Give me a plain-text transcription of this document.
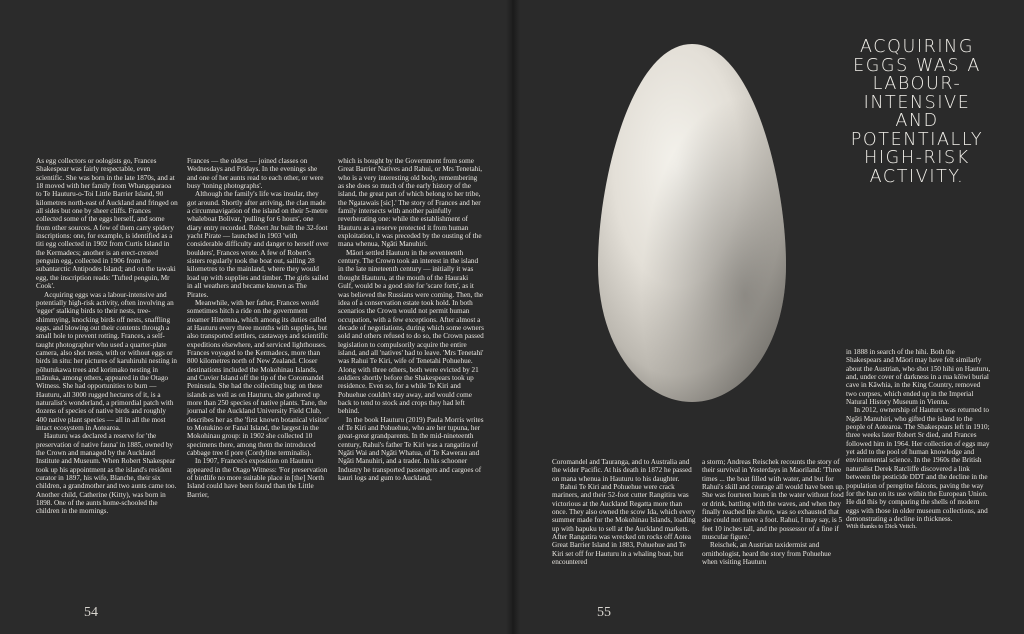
As egg collectors or oologists go, Frances Shakespear was fairly respectable, even scientific. She was born in the late 1870s, and at 18 moved with her family from Whangaparaoa to Te Hauturu-o-Toi Little Barrier Island, 90 kilometres north-east of Auckland and fringed on all sides but one by sheer cliffs. Frances collected some of the eggs herself, and some from other sources. A few of them carry spidery inscriptions: one, for example, is identified as a titi egg collected in 1902 from Curtis Island in the Kermadecs; another is an erect-crested penguin egg, collected in 1906 from the subantarctic Antipodes Island; and on the tawaki egg, the inscription reads: 'Tufted penguin, Mr Cook'.

Acquiring eggs was a labour-intensive and potentially high-risk activity, often involving an 'egger' stalking birds to their nests, tree-shimmying, knocking birds off nests, snaffling eggs, and blowing out their contents through a small hole to prevent rotting. Frances, a self-taught photographer who used a quarter-plate camera, also shot nests, with or without eggs or birds in situ: her pictures of karuhiruhi nesting in pōhutukawa trees and korimako nesting in mānuka, among others, appeared in the Otago Witness. She had opportunities to burn — Hauturu, all 3000 rugged hectares of it, is a naturalist's wonderland, a primordial patch with dozens of species of native birds and roughly 400 native plant species — all in all the most intact ecosystem in Aotearoa.

Hauturu was declared a reserve for 'the preservation of native fauna' in 1885, owned by the Crown and managed by the Auckland Institute and Museum. When Robert Shakespear took up his appointment as the island's resident curator in 1897, his wife, Blanche, their six children, a grandmother and two aunts came too. Another child, Catherine (Kitty), was born in 1898. One of the aunts home-schooled the children in the mornings.

Frances — the oldest — joined classes on Wednesdays and Fridays. In the evenings she and one of her aunts read to each other, or were busy 'toning photographs'.

Although the family's life was insular, they got around. Shortly after arriving, the clan made a circumnavigation of the island on their 5-metre whaleboat Bolivar, 'pulling for 6 hours', one diary entry recorded. Robert Jnr built the 32-foot yacht Pirate — launched in 1903 'with considerable difficulty and danger to herself over boulders', Frances wrote. A few of Robert's sisters regularly took the boat out, sailing 28 kilometres to the mainland, where they would load up with supplies and timber. The girls sailed in all weathers and became known as The Pirates.

Meanwhile, with her father, Frances would sometimes hitch a ride on the government steamer Hinemoa, which among its duties called at Hauturu every three months with supplies, but also transported settlers, castaways and scientific expeditions elsewhere, and serviced lighthouses. Frances voyaged to the Kermadecs, more than 800 kilometres north of New Zealand. Closer destinations included the Mokohinau Islands, and Cuvier Island off the tip of the Coromandel Peninsula. She had the collecting bug: on these islands as well as on Hauturu, she gathered up more than 250 species of native plants. Tane, the journal of the Auckland University Field Club, describes her as the 'first known botanical visitor' to Motukino or Fanal Island, the largest in the Mokohinau group: in 1902 she collected 10 specimens there, among them the introduced cabbage tree tī pore (Cordyline terminalis).

In 1907, Frances's exposition on Hauturu appeared in the Otago Witness: 'For preservation of birdlife no more suitable place in [the] North Island could have been found than the Little Barrier,

which is bought by the Government from some Great Barrier Natives and Rahui, or Mrs Tenetahi, who is a very interesting old body, remembering as she does so much of the early history of the island, the great part of which belong to her tribe, the Ngatawais [sic].' The story of Frances and her family intersects with another painfully reverberating one: while the establishment of Hauturu as a reserve protected it from human exploitation, it was preceded by the ousting of the mana whenua, Ngāti Manuhiri.

Māori settled Hauturu in the seventeenth century. The Crown took an interest in the island in the late nineteenth century — initially it was thought Hauturu, at the mouth of the Hauraki Gulf, would be a good site for 'scare forts', as it was believed the Russians were coming. Then, the idea of a conservation estate took hold. In both scenarios the Crown would not permit human occupation, with a few exceptions. After almost a decade of negotiations, during which some owners sold and others refused to do so, the Crown passed legislation to compulsorily acquire the entire island, and all 'natives' had to leave. 'Mrs Tenetahi' was Rahui Te Kiri, wife of Tenetahi Pohuehue. Along with three others, both were evicted by 21 soldiers shortly before the Shakespears took up residence. Even so, for a while Te Kiri and Pohuehue couldn't stay away, and would come back to tend to stock and crops they had left behind.

In the book Hauturu (2019) Paula Morris writes of Te Kiri and Pohuehue, who are her tupuna, her great-great grandparents. In the mid-nineteenth century, Rahui's father Te Kiri was a rangatira of Ngāti Wai and Ngāti Whatua, of Te Kawerau and Ngāti Manuhiri, and a trader. In his schooner Industry he transported passengers and cargoes of kauri logs and gum to Auckland,

54

ACQUIRING EGGS WAS A LABOUR-INTENSIVE AND POTENTIALLY HIGH-RISK ACTIVITY.

Coromandel and Tauranga, and to Australia and the wider Pacific. At his death in 1872 he passed on mana whenua in Hauturu to his daughter.

Rahui Te Kiri and Pohuehue were crack mariners, and their 52-foot cutter Rangitira was victorious at the Auckland Regatta more than once. They also owned the scow Ida, which every summer made for the Mokohinau Islands, loading up with hapuku to sell at the Auckland markets. After Rangatira was wrecked on rocks off Aotea Great Barrier Island in 1883, Pohuehue and Te Kiri set off for Hauturu in a whaling boat, but encountered

a storm; Andreas Reischek recounts the story of their survival in Yesterdays in Maoriland: 'Three times ... the boat filled with water, and but for Rahui's skill and courage all would have been up. She was fourteen hours in the water without food or drink, battling with the waves, and when they finally reached the shore, was so exhausted that she could not move a foot. Rahui, I may say, is 5 feet 10 inches tall, and the possessor of a fine if muscular figure.'

Reischek, an Austrian taxidermist and ornithologist, heard the story from Pohuehue when visiting Hauturu

in 1888 in search of the hihi. Both the Shakespears and Māori may have felt similarly about the Austrian, who shot 150 hihi on Hauturu, and, under cover of darkness in a rua kōiwi burial cave in Kāwhia, in the King Country, removed two corpses, which ended up in the Imperial Natural History Museum in Vienna.

In 2012, ownership of Hauturu was returned to Ngāti Manuhiri, who gifted the island to the people of Aotearoa. The Shakespears left in 1910; three weeks later Robert Sr died, and Frances followed him in 1964. Her collection of eggs may yet add to the pool of human knowledge and environmental science. In the 1960s the British naturalist Derek Ratcliffe discovered a link between the pesticide DDT and the decline in the population of peregrine falcons, paving the way for the ban on its use within the European Union. He did this by comparing the shells of modern eggs with those in older museum collections, and demonstrating a decline in thickness.

With thanks to Dick Veitch.

55
